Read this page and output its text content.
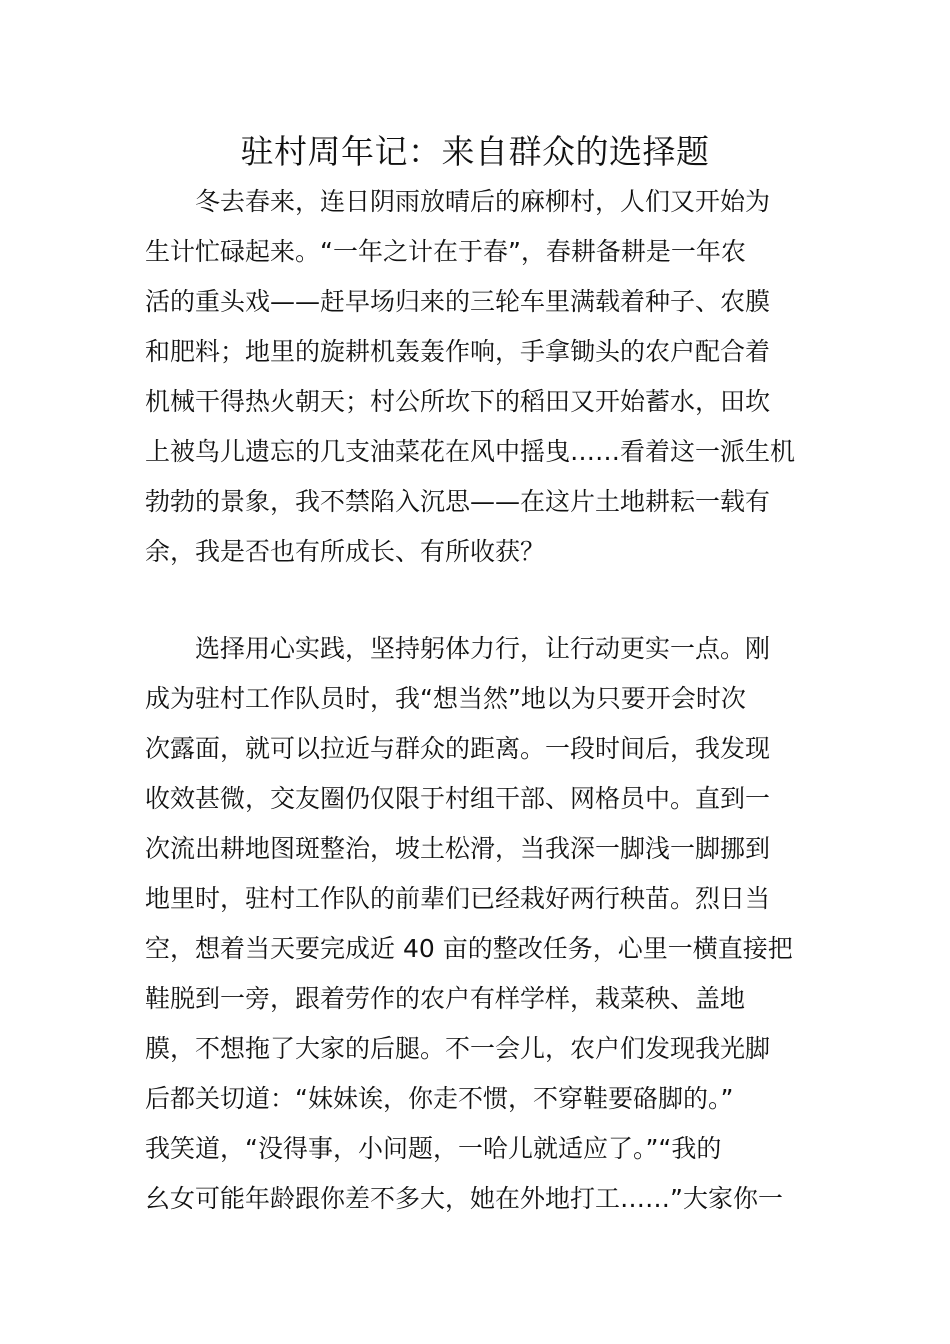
驻村周年记：来自群众的选择题

冬去春来，连日阴雨放晴后的麻柳村，人们又开始为
生计忙碌起来。“一年之计在于春”，春耕备耕是一年农
活的重头戏——赶早场归来的三轮车里满载着种子、农膜
和肥料；地里的旋耕机轰轰作响，手拿锄头的农户配合着
机械干得热火朝天；村公所坎下的稻田又开始蓄水，田坎
上被鸟儿遗忘的几支油菜花在风中摇曳……看着这一派生机
勃勃的景象，我不禁陷入沉思——在这片土地耕耘一载有
余，我是否也有所成长、有所收获？

选择用心实践，坚持躬体力行，让行动更实一点。刚
成为驻村工作队员时，我“想当然”地以为只要开会时次
次露面，就可以拉近与群众的距离。一段时间后，我发现
收效甚微，交友圈仍仅限于村组干部、网格员中。直到一
次流出耕地图斑整治，坡土松滑，当我深一脚浅一脚挪到
地里时，驻村工作队的前辈们已经栽好两行秧苗。烈日当
空，想着当天要完成近 40 亩的整改任务，心里一横直接把
鞋脱到一旁，跟着劳作的农户有样学样，栽菜秧、盖地
膜，不想拖了大家的后腿。不一会儿，农户们发现我光脚
后都关切道：“妹妹诶，你走不惯，不穿鞋要硌脚的。”
我笑道，“没得事，小问题，一哈儿就适应了。”“我的
幺女可能年龄跟你差不多大，她在外地打工……”大家你一
